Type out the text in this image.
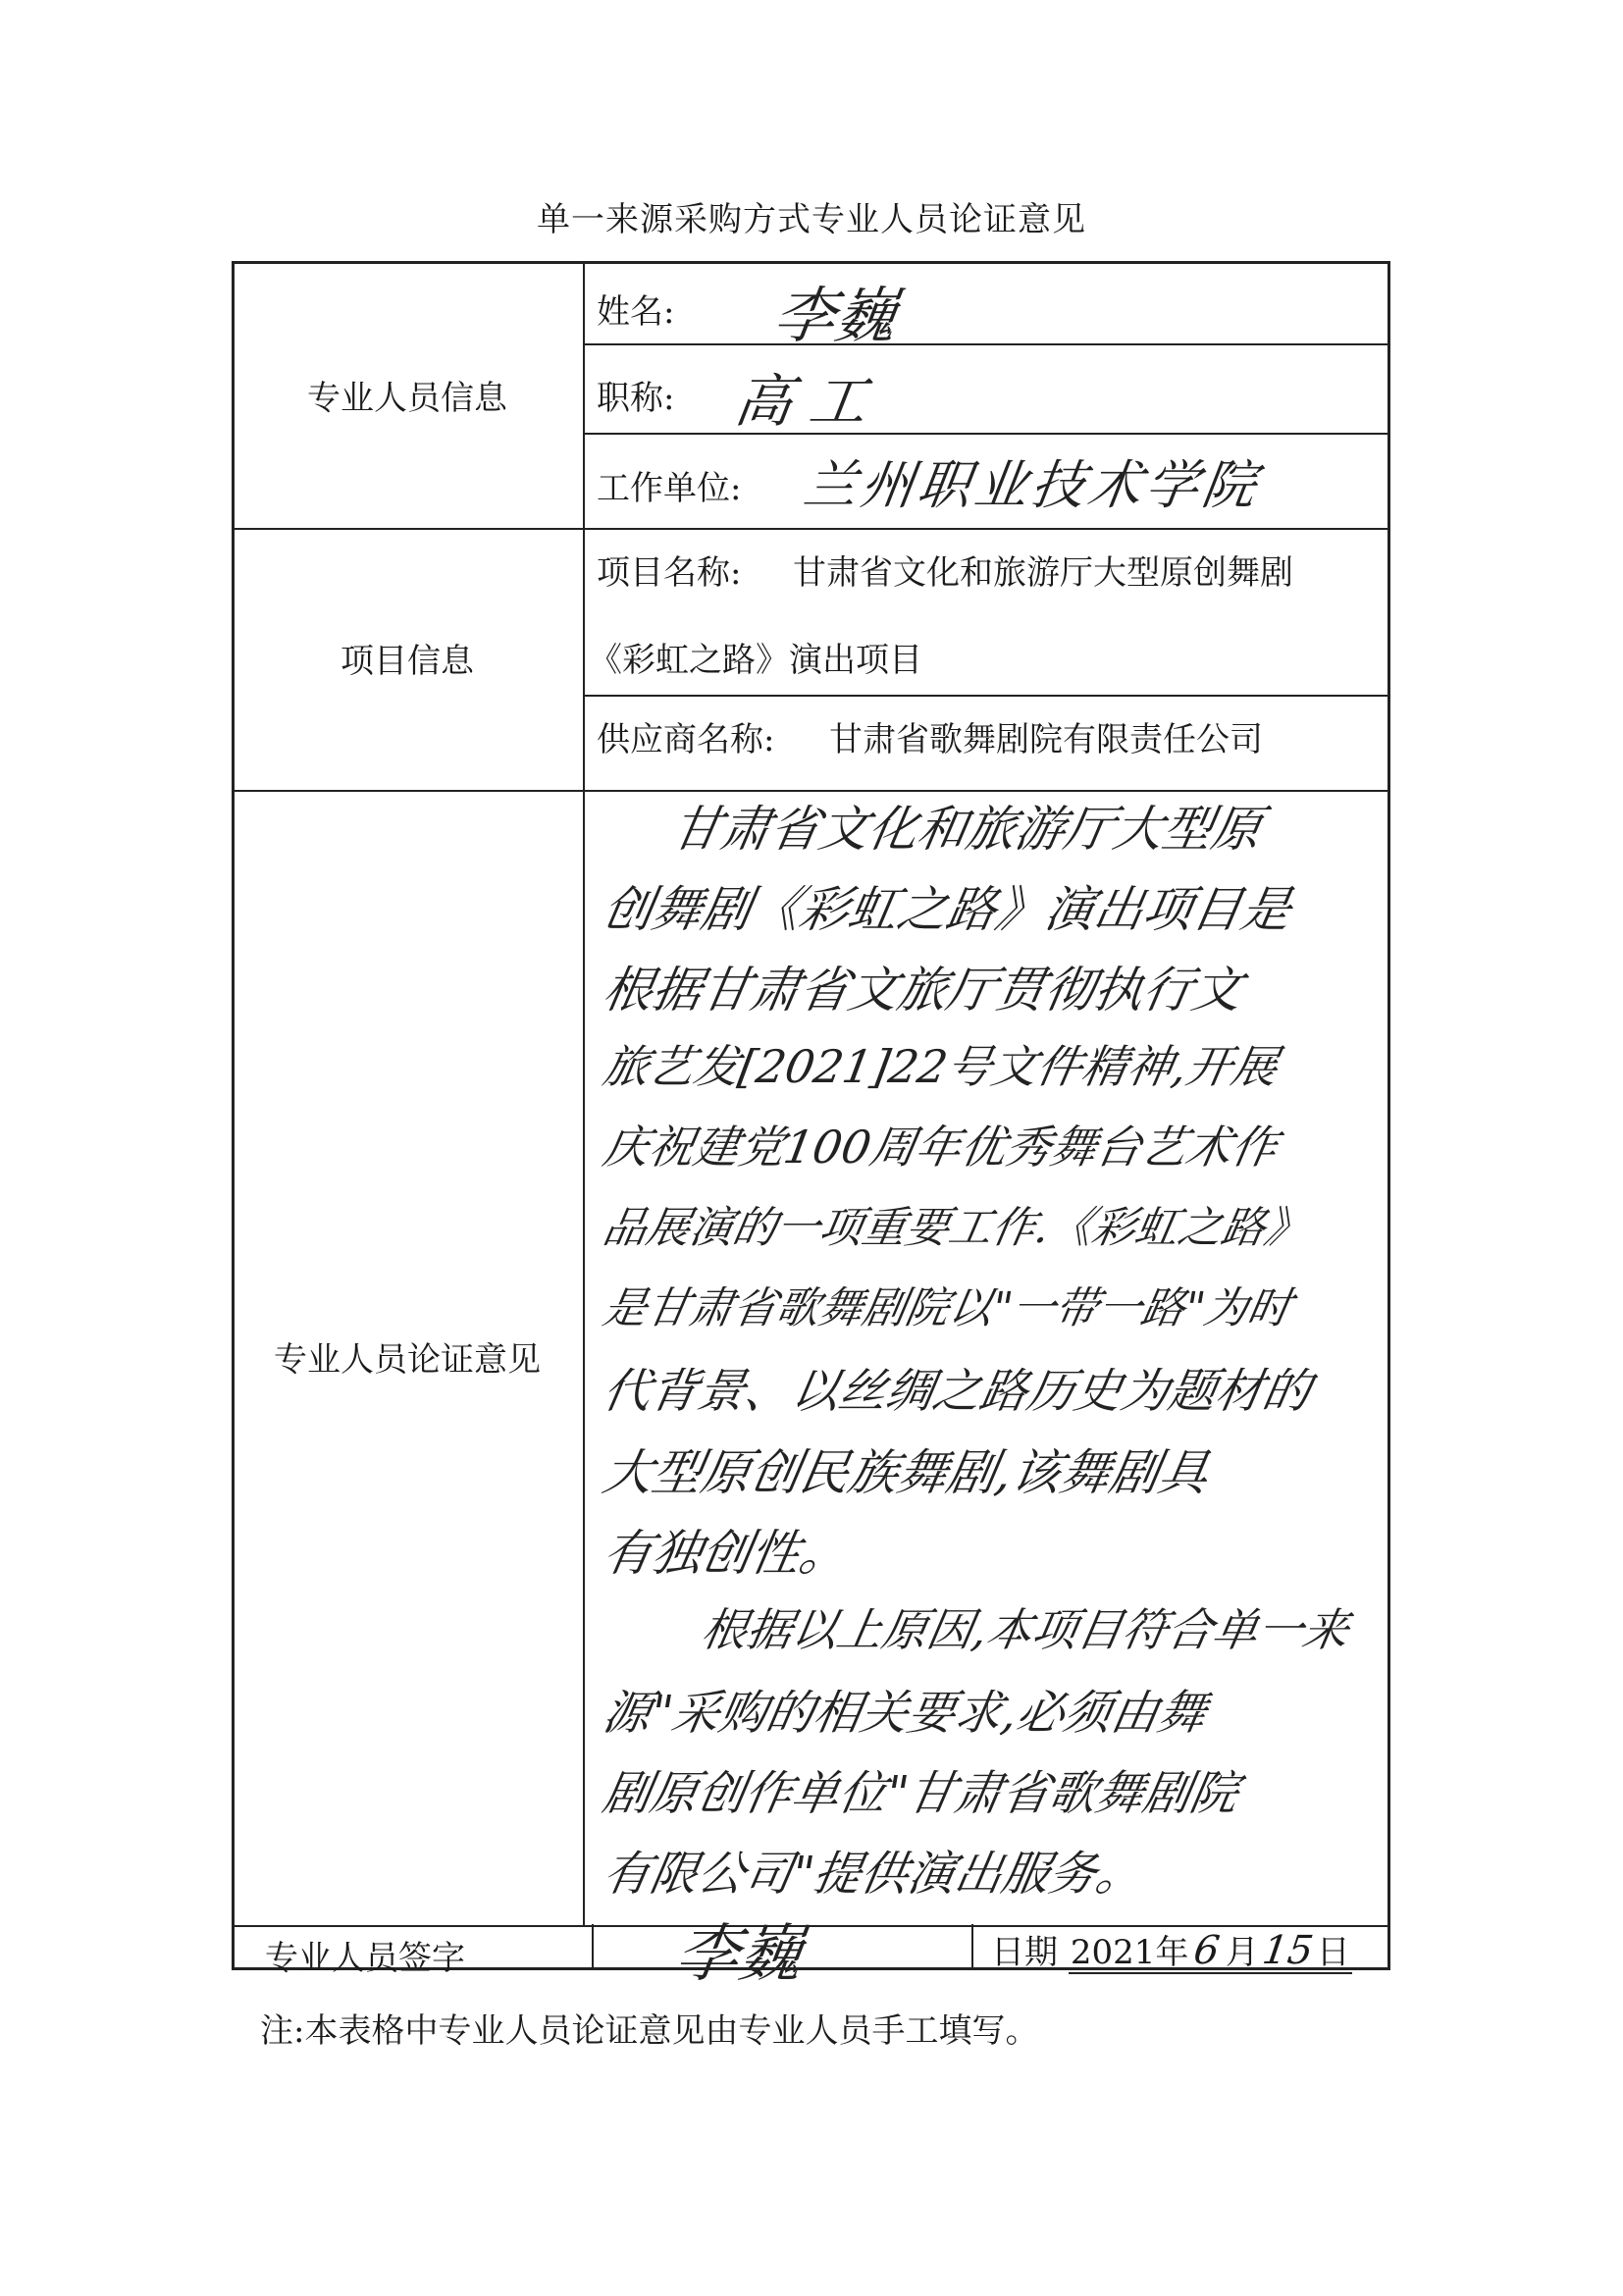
单一来源采购方式专业人员论证意见
专业人员信息
姓名: 李巍
职称: 高工
工作单位: 兰州职业技术学院
项目信息
项目名称: 甘肃省文化和旅游厅大型原创舞剧
《彩虹之路》演出项目
供应商名称: 甘肃省歌舞剧院有限责任公司
专业人员论证意见
甘肃省文化和旅游厅大型原
创舞剧《彩虹之路》演出项目是
根据甘肃省文旅厅贯彻执行文
旅艺发[2021]22号文件精神,开展
庆祝建党100周年优秀舞台艺术作
品展演的一项重要工作.《彩虹之路》
是甘肃省歌舞剧院以"一带一路"为时
代背景、以丝绸之路历史为题材的
大型原创民族舞剧,该舞剧具
有独创性。
根据以上原因,本项目符合单一来
源"采购的相关要求,必须由舞
剧原创作单位"甘肃省歌舞剧院
有限公司"提供演出服务。
专业人员签字	李巍	日期 2021年6月15日
注:本表格中专业人员论证意见由专业人员手工填写。
